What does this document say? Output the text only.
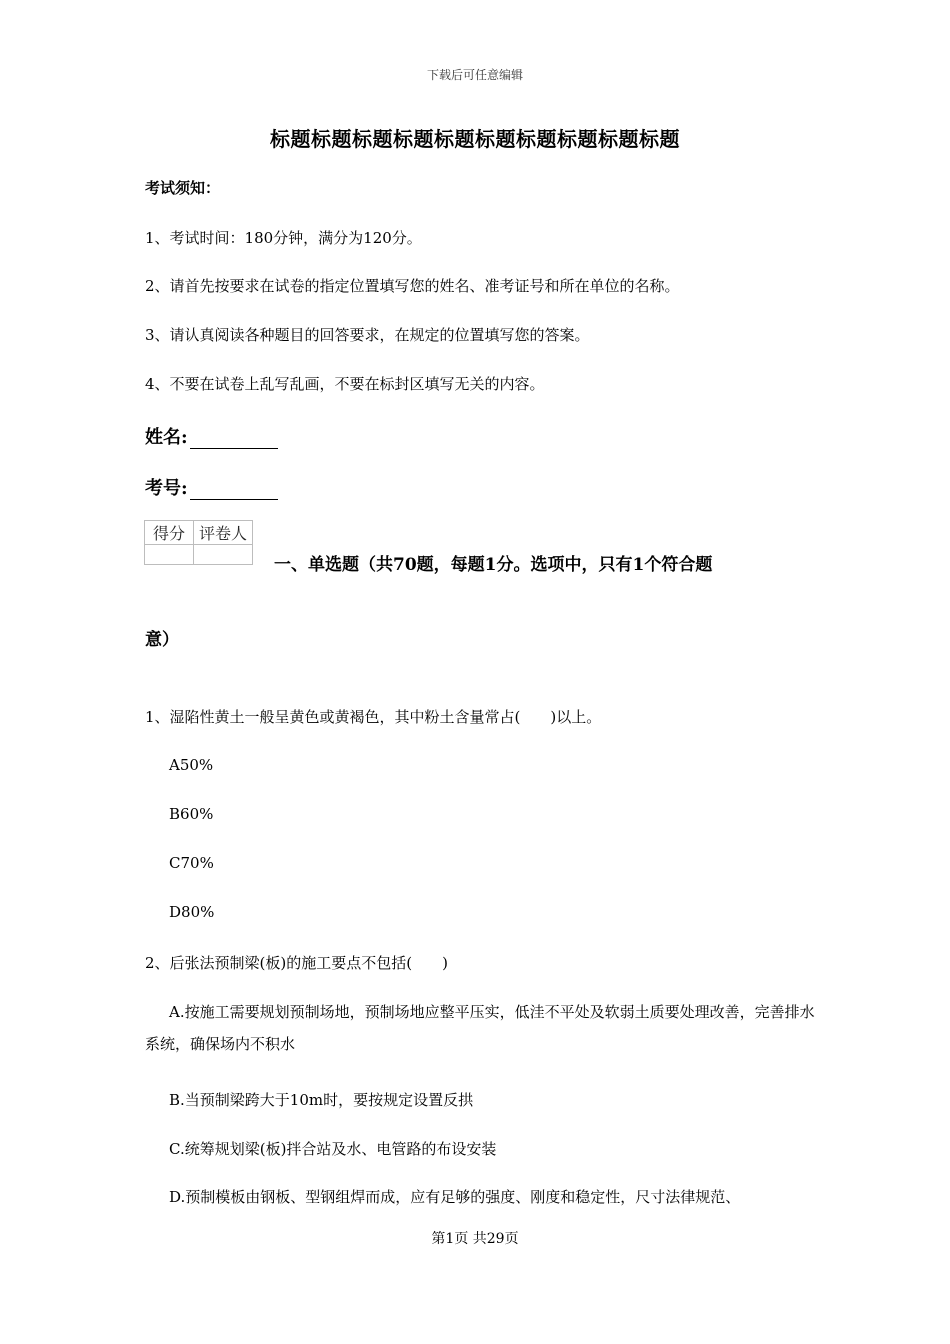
下载后可任意编辑
标题标题标题标题标题标题标题标题标题标题
考试须知：
1、考试时间：180分钟，满分为120分。
2、请首先按要求在试卷的指定位置填写您的姓名、准考证号和所在单位的名称。
3、请认真阅读各种题目的回答要求，在规定的位置填写您的答案。
4、不要在试卷上乱写乱画，不要在标封区填写无关的内容。
姓名:
考号:
得分	评卷人

一、单选题（共70题，每题1分。选项中，只有1个符合题
意）
1、湿陷性黄土一般呈黄色或黄褐色，其中粉土含量常占(　　)以上。
A50%
B60%
C70%
D80%
2、后张法预制梁(板)的施工要点不包括(　　)
A.按施工需要规划预制场地，预制场地应整平压实，低洼不平处及软弱土质要处理改善，完善排水系统，确保场内不积水
B.当预制梁跨大于10m时，要按规定设置反拱
C.统筹规划梁(板)拌合站及水、电管路的布设安装
D.预制模板由钢板、型钢组焊而成，应有足够的强度、刚度和稳定性，尺寸法律规范、
第1页 共29页
